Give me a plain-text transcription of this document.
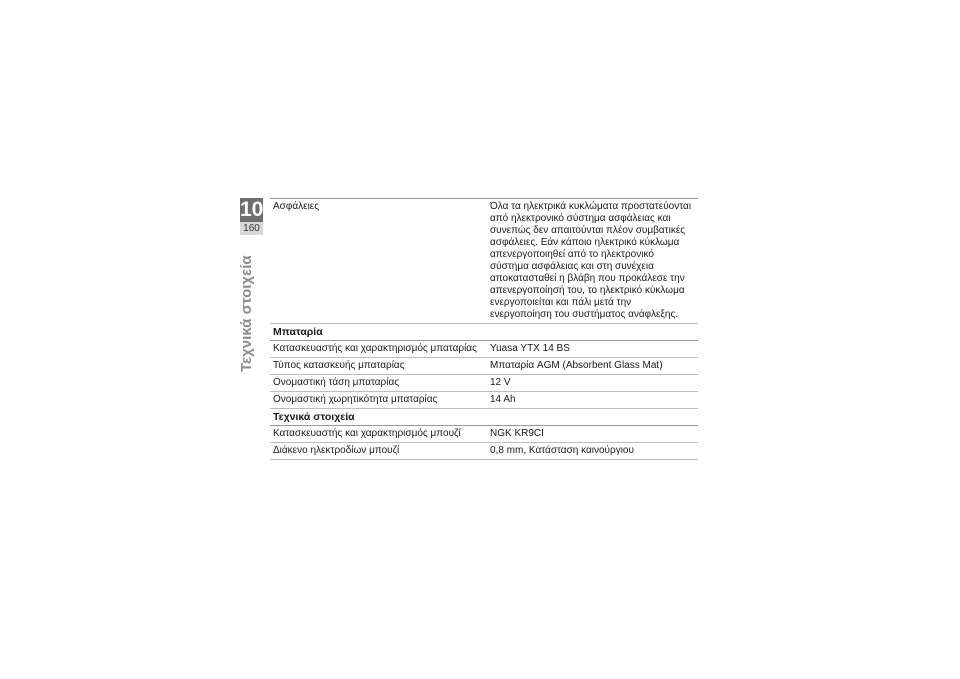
10
160
Τεχνικά στοιχεία
Ασφάλειες	Όλα τα ηλεκτρικά κυκλώματα προστατεύονται από ηλεκτρονικό σύστημα ασφάλειας και συνεπώς δεν απαιτούνται πλέον συμβατικές ασφάλειες. Εάν κάποιο ηλεκτρικό κύκλωμα απενεργοποιηθεί από το ηλεκτρονικό σύστημα ασφάλειας και στη συνέχεια αποκατασταθεί η βλάβη που προκάλεσε την απενεργοποίησή του, το ηλεκτρικό κύκλωμα ενεργοποιείται και πάλι μετά την ενεργοποίηση του συστήματος ανάφλεξης.
Μπαταρία
Κατασκευαστής και χαρακτηρισμός μπαταρίας	Yuasa YTX 14 BS
Τύπος κατασκευής μπαταρίας	Μπαταρία AGM (Absorbent Glass Mat)
Ονομαστική τάση μπαταρίας	12 V
Ονομαστική χωρητικότητα μπαταρίας	14 Ah
Τεχνικά στοιχεία
Κατασκευαστής και χαρακτηρισμός μπουζί	NGK KR9CI
Διάκενο ηλεκτροδίων μπουζί	0,8 mm, Κατάσταση καινούργιου
